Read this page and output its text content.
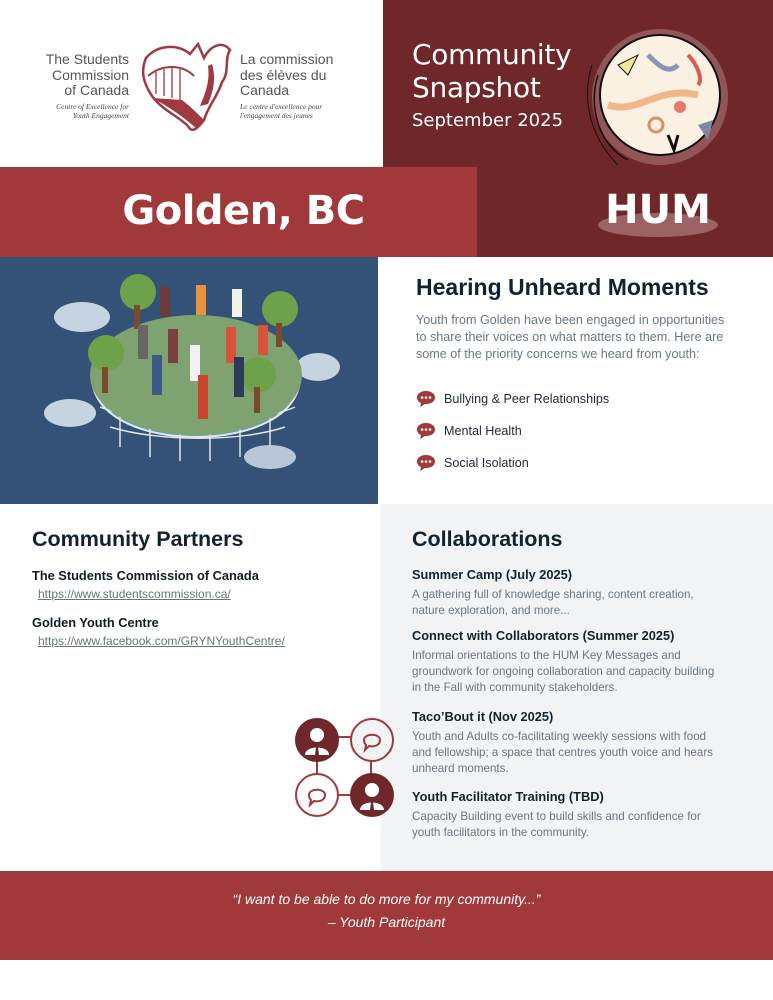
The Students
Commission
of Canada
Centre of Excellence for
Youth Engagement
La commission
des élèves du
Canada
Le centre d'excellence pour
l'engagement des jeunes
Community
Snapshot
September 2025
HUM
Golden, BC
Hearing Unheard Moments

Youth from Golden have been engaged in opportunities to share their voices on what matters to them. Here are some of the priority concerns we heard from youth:

Bullying & Peer Relationships
Mental Health
Social Isolation
Community Partners
The Students Commission of Canada
https://www.studentscommission.ca/
Golden Youth Centre
https://www.facebook.com/GRYNYouthCentre/
Collaborations
Summer Camp (July 2025)
A gathering full of knowledge sharing, content creation, nature exploration, and more...
Connect with Collaborators (Summer 2025)
Informal orientations to the HUM Key Messages and groundwork for ongoing collaboration and capacity building in the Fall with community stakeholders.
Taco’Bout it (Nov 2025)
Youth and Adults co-facilitating weekly sessions with food and fellowship; a space that centres youth voice and hears unheard moments.
Youth Facilitator Training (TBD)
Capacity Building event to build skills and confidence for youth facilitators in the community.
“I want to be able to do more for my community...”
– Youth Participant
